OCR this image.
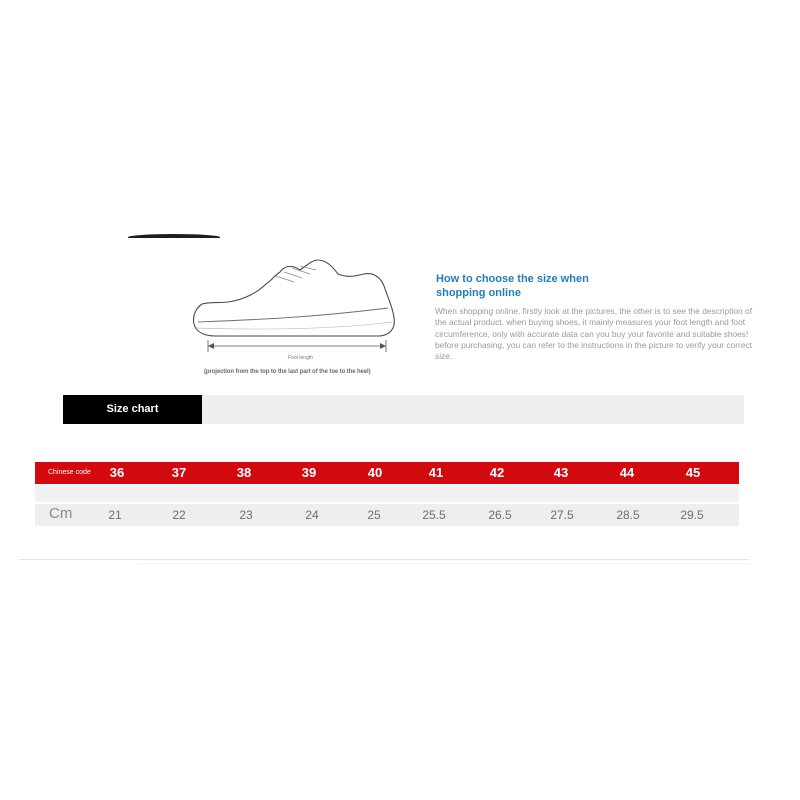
Foot length
(projection from the top to the last part of the toe to the heel)
How to choose the size when shopping online
When shopping online, firstly look at the pictures, the other is to see the description of the actual product. when buying shoes, it mainly measures your foot length and foot circumference, only with accurate data can you buy your favorite and suitable shoes! before purchasing, you can refer to the instructions in the picture to verify your correct size.
Size chart
Chinese code 36	37	38	39	40	41	42	43	44	45
Cm	21	22	23	24	25	25.5	26.5	27.5	28.5	29.5
